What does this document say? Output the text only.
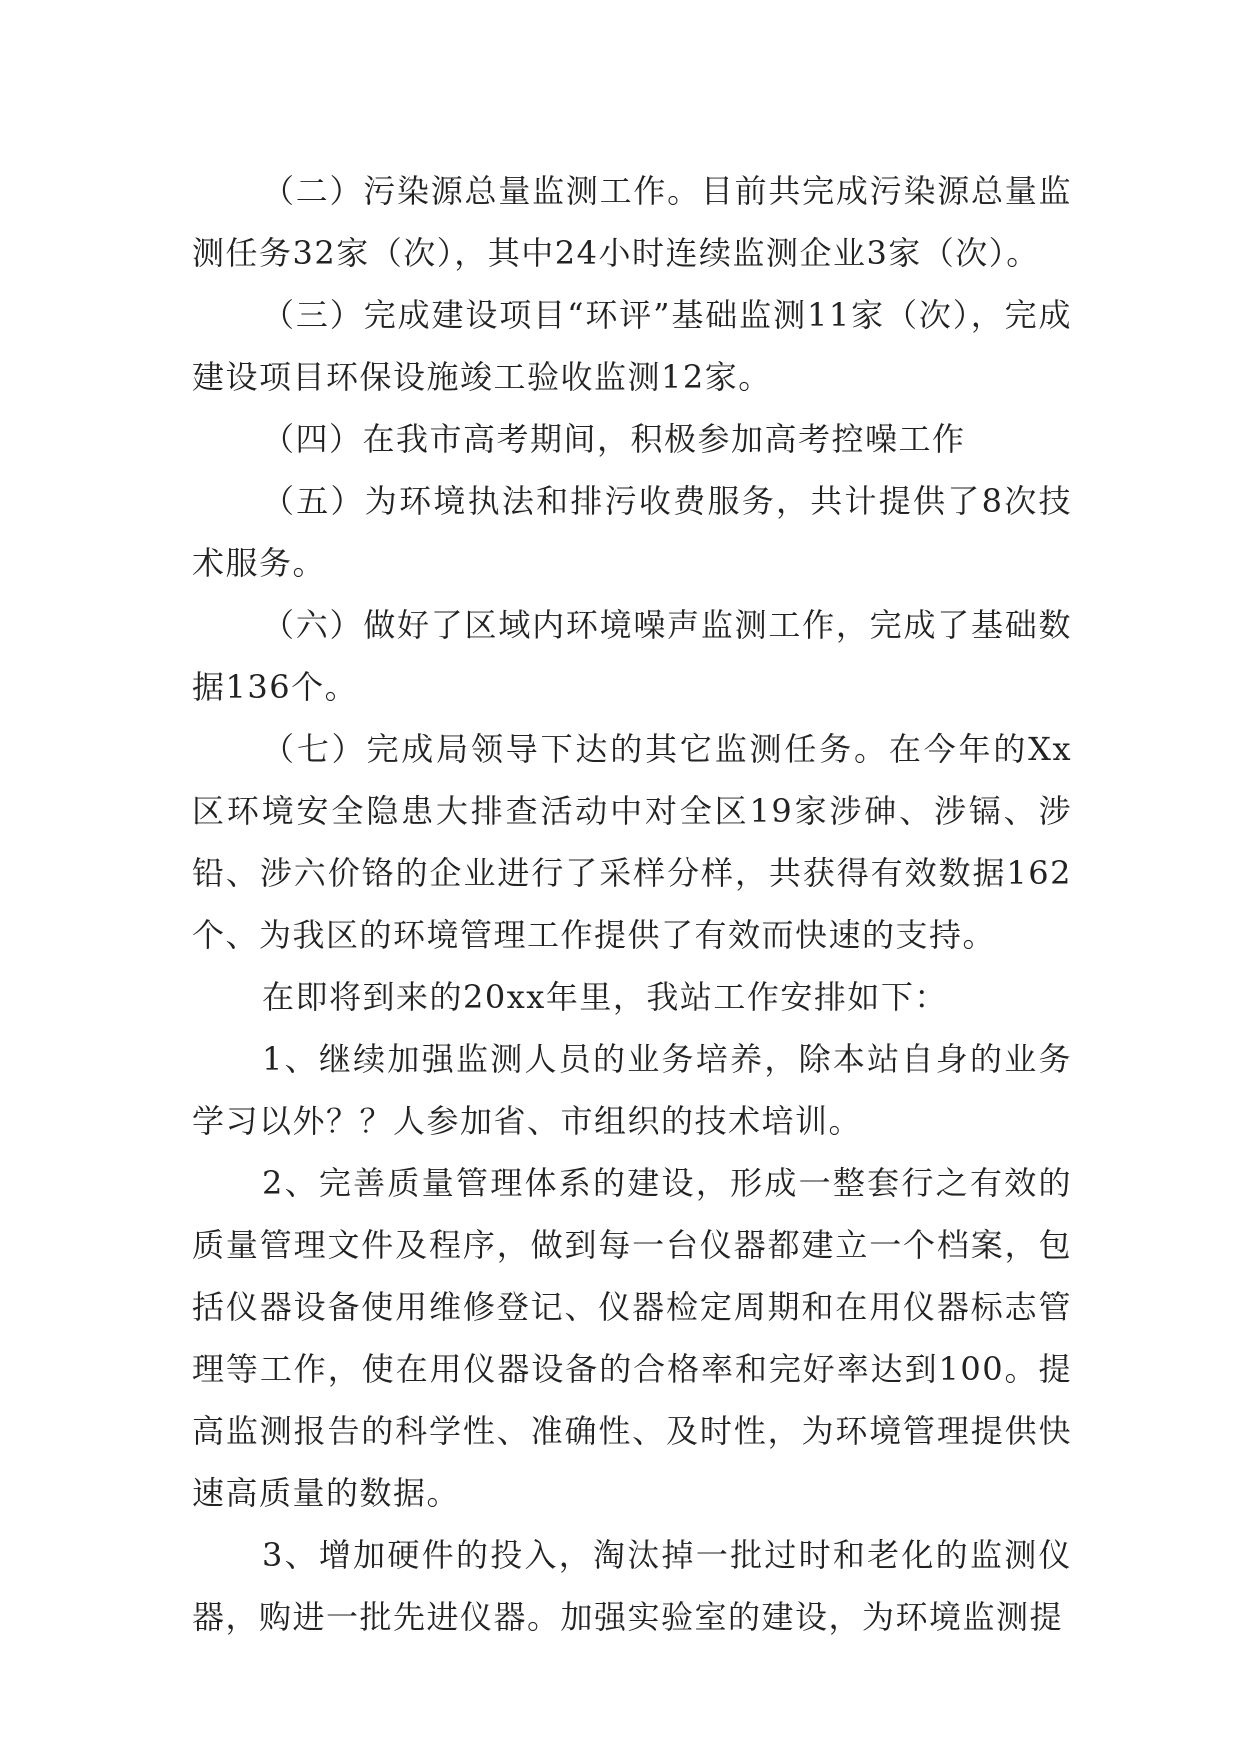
（二）污染源总量监测工作。目前共完成污染源总量监测任务32家（次），其中24小时连续监测企业3家（次）。

（三）完成建设项目“环评”基础监测11家（次），完成建设项目环保设施竣工验收监测12家。

（四）在我市高考期间，积极参加高考控噪工作

（五）为环境执法和排污收费服务，共计提供了8次技术服务。

（六）做好了区域内环境噪声监测工作，完成了基础数据136个。

（七）完成局领导下达的其它监测任务。在今年的Xx区环境安全隐患大排查活动中对全区19家涉砷、涉镉、涉铅、涉六价铬的企业进行了采样分样，共获得有效数据162个、为我区的环境管理工作提供了有效而快速的支持。

在即将到来的20xx年里，我站工作安排如下：

1、继续加强监测人员的业务培养，除本站自身的业务学习以外？？人参加省、市组织的技术培训。

2、完善质量管理体系的建设，形成一整套行之有效的质量管理文件及程序，做到每一台仪器都建立一个档案，包括仪器设备使用维修登记、仪器检定周期和在用仪器标志管理等工作，使在用仪器设备的合格率和完好率达到100。提高监测报告的科学性、准确性、及时性，为环境管理提供快速高质量的数据。

3、增加硬件的投入，淘汰掉一批过时和老化的监测仪器，购进一批先进仪器。加强实验室的建设，为环境监测提
